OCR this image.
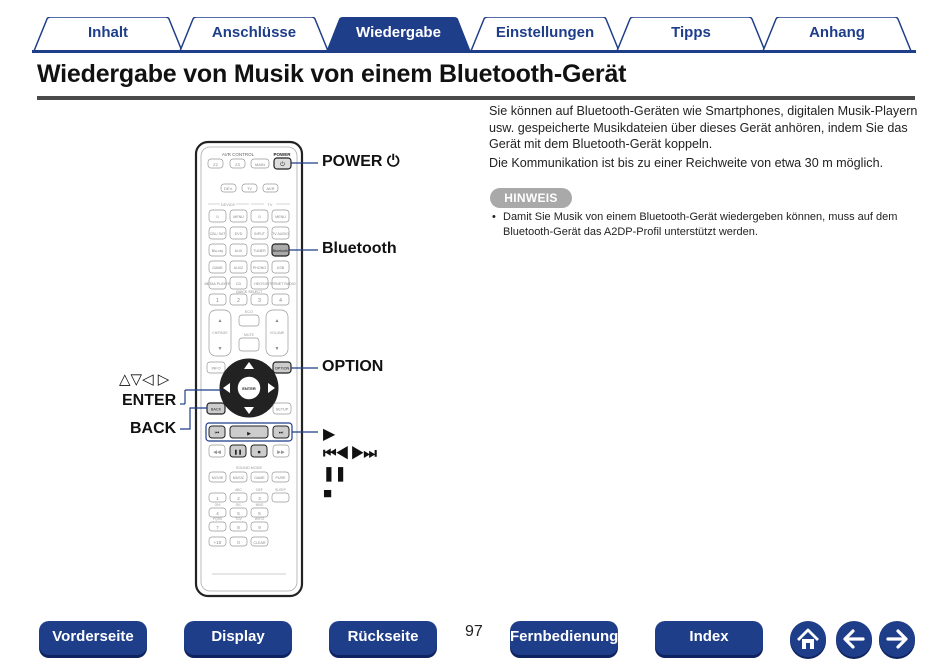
Inhalt	Anschlüsse	Wiedergabe	Einstellungen	Tipps	Anhang
Wiedergabe von Musik von einem Bluetooth-Gerät

Sie können auf Bluetooth-Geräten wie Smartphones, digitalen Musik-Playern usw. gespeicherte Musikdateien über dieses Gerät anhören, indem Sie das Gerät mit dem Bluetooth-Gerät koppeln.

Die Kommunikation ist bis zu einer Reichweite von etwa 30 m möglich.

HINWEIS
• Damit Sie Musik von einem Bluetooth-Gerät wiedergeben können, muss auf dem Bluetooth-Gerät das A2DP-Profil unterstützt werden.
AVR CONTROL	POWER
⏻
Z2	Z3	MAIN
DEV.	TV	AVR
DEVICE	TV
⏻	MENU	⏻	MENU
CBL/ SAT	DVD	INPUT TV AUDIO
Blu-ray	AUX	TUNER Bluetooth
GAME	AUX2	PHONO	USB
MEDIA PLAYER CD	HEOS INTERNET RADIO
QUICK SELECT
1	2	3	4
ECO
▲
▼
▲
▼
CH/PAGE	VOLUME
MUTE
INFO	OPTION
ENTER
BACK	SETUP
⏮	▶	⏭
❚❚	■
◀◀	▶▶
SOUND MODE
MOVIE	MUSIC	GAME	PURE
ABC	DEF	SLEEP
GHI	JKL	MNO
PQRS	TUV	WXYZ
1	2	3
4	5	6
7	8	9
+10	0	CLEAR
POWER ⏻
Bluetooth
OPTION
△▽◁ ▷
ENTER
BACK	▶
⏮◀ ▶⏭
❚❚
■
Vorderseite	Display	Rückseite	97 Fernbedienung	Index
